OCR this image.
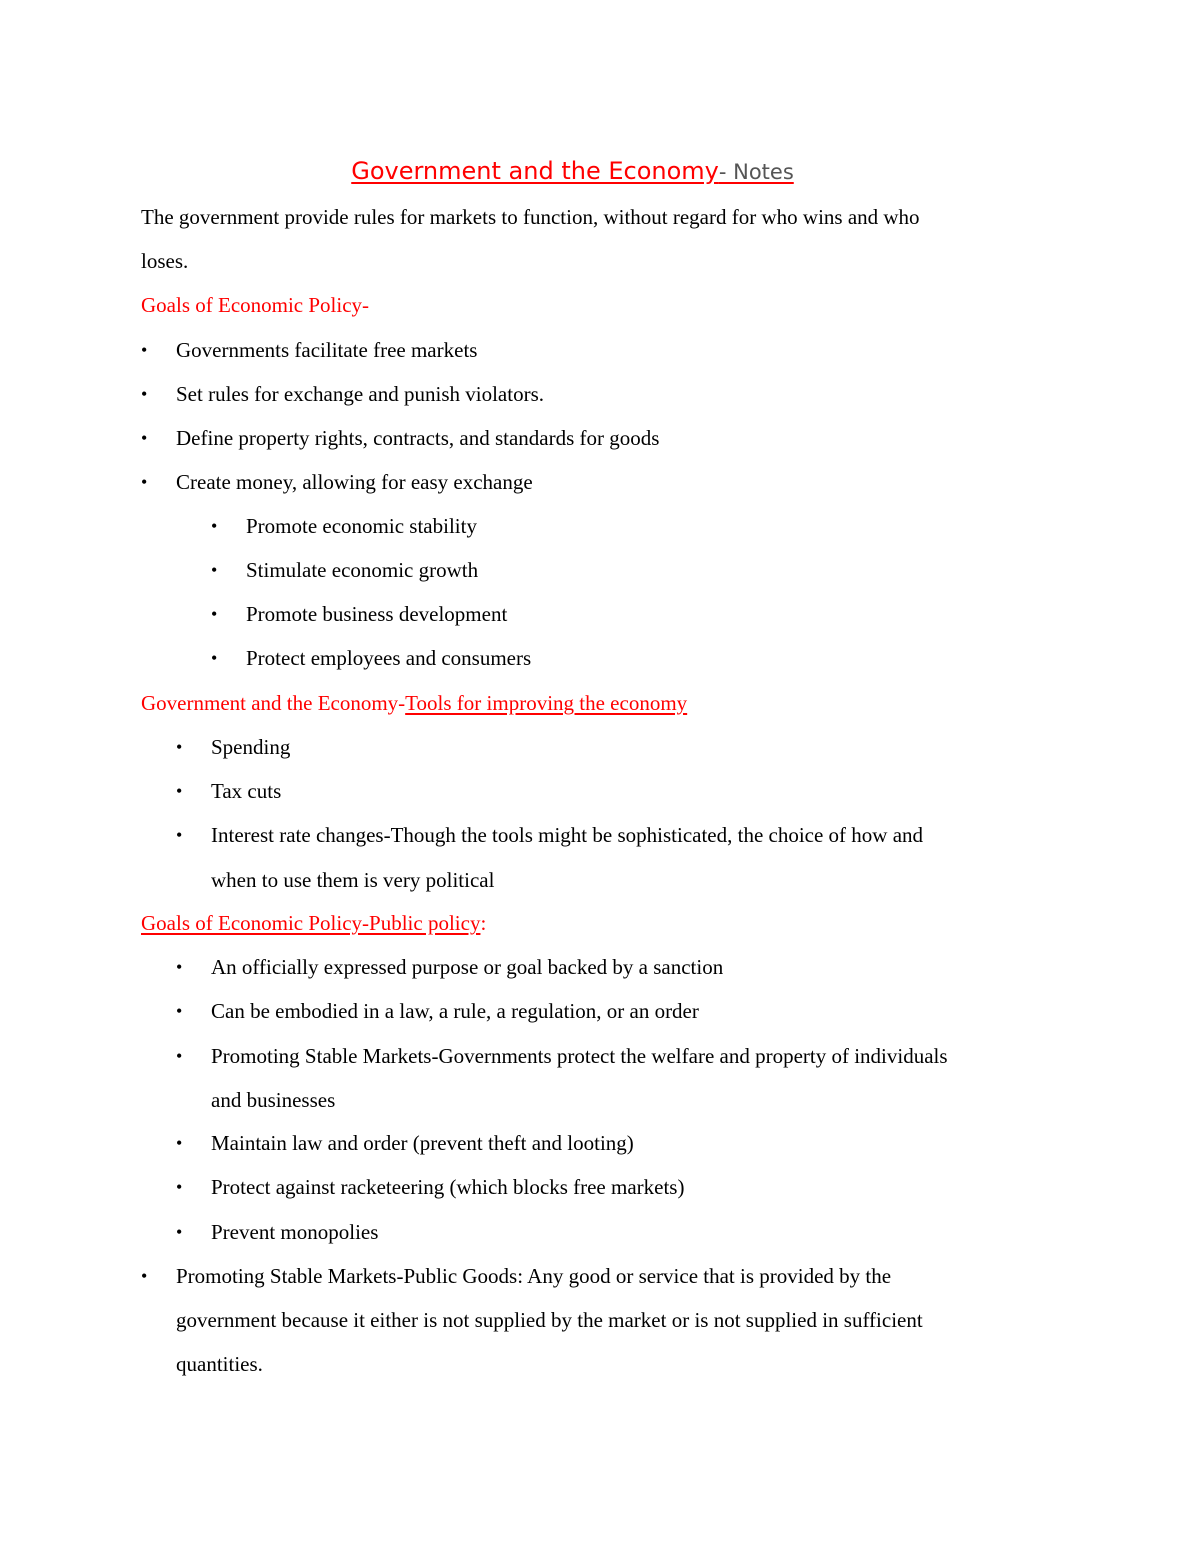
Government and the Economy- Notes
The government provide rules for markets to function, without regard for who wins and who
loses.
Goals of Economic Policy-
• Governments facilitate free markets
• Set rules for exchange and punish violators.
• Define property rights, contracts, and standards for goods
• Create money, allowing for easy exchange
• Promote economic stability
• Stimulate economic growth
• Promote business development
• Protect employees and consumers
Government and the Economy-Tools for improving the economy
• Spending
• Tax cuts
• Interest rate changes-Though the tools might be sophisticated, the choice of how and
when to use them is very political
Goals of Economic Policy-Public policy:
• An officially expressed purpose or goal backed by a sanction
• Can be embodied in a law, a rule, a regulation, or an order
• Promoting Stable Markets-Governments protect the welfare and property of individuals
and businesses
• Maintain law and order (prevent theft and looting)
• Protect against racketeering (which blocks free markets)
• Prevent monopolies
• Promoting Stable Markets-Public Goods: Any good or service that is provided by the
government because it either is not supplied by the market or is not supplied in sufficient
quantities.
